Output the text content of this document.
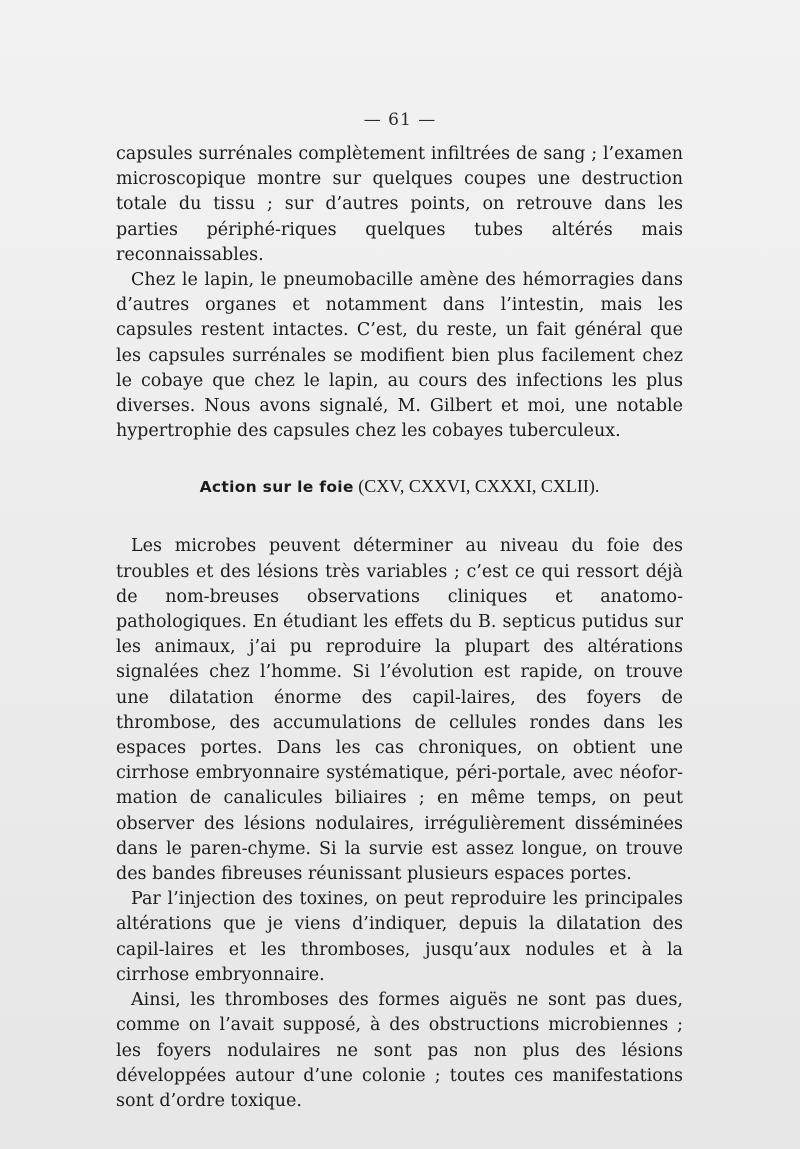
— 61 —

capsules surrénales complètement infiltrées de sang ; l’examen microscopique montre sur quelques coupes une destruction totale du tissu ; sur d’autres points, on retrouve dans les parties périphé-riques quelques tubes altérés mais reconnaissables.

Chez le lapin, le pneumobacille amène des hémorragies dans d’autres organes et notamment dans l’intestin, mais les capsules restent intactes. C’est, du reste, un fait général que les capsules surrénales se modifient bien plus facilement chez le cobaye que chez le lapin, au cours des infections les plus diverses. Nous avons signalé, M. Gilbert et moi, une notable hypertrophie des capsules chez les cobayes tuberculeux.

Action sur le foie (CXV, CXXVI, CXXXI, CXLII).

Les microbes peuvent déterminer au niveau du foie des troubles et des lésions très variables ; c’est ce qui ressort déjà de nom-breuses observations cliniques et anatomo-pathologiques. En étudiant les effets du B. septicus putidus sur les animaux, j’ai pu reproduire la plupart des altérations signalées chez l’homme. Si l’évolution est rapide, on trouve une dilatation énorme des capil-laires, des foyers de thrombose, des accumulations de cellules rondes dans les espaces portes. Dans les cas chroniques, on obtient une cirrhose embryonnaire systématique, péri-portale, avec néofor-mation de canalicules biliaires ; en même temps, on peut observer des lésions nodulaires, irrégulièrement disséminées dans le paren-chyme. Si la survie est assez longue, on trouve des bandes fibreuses réunissant plusieurs espaces portes.

Par l’injection des toxines, on peut reproduire les principales altérations que je viens d’indiquer, depuis la dilatation des capil-laires et les thromboses, jusqu’aux nodules et à la cirrhose embryonnaire.

Ainsi, les thromboses des formes aiguës ne sont pas dues, comme on l’avait supposé, à des obstructions microbiennes ; les foyers nodulaires ne sont pas non plus des lésions développées autour d’une colonie ; toutes ces manifestations sont d’ordre toxique.
